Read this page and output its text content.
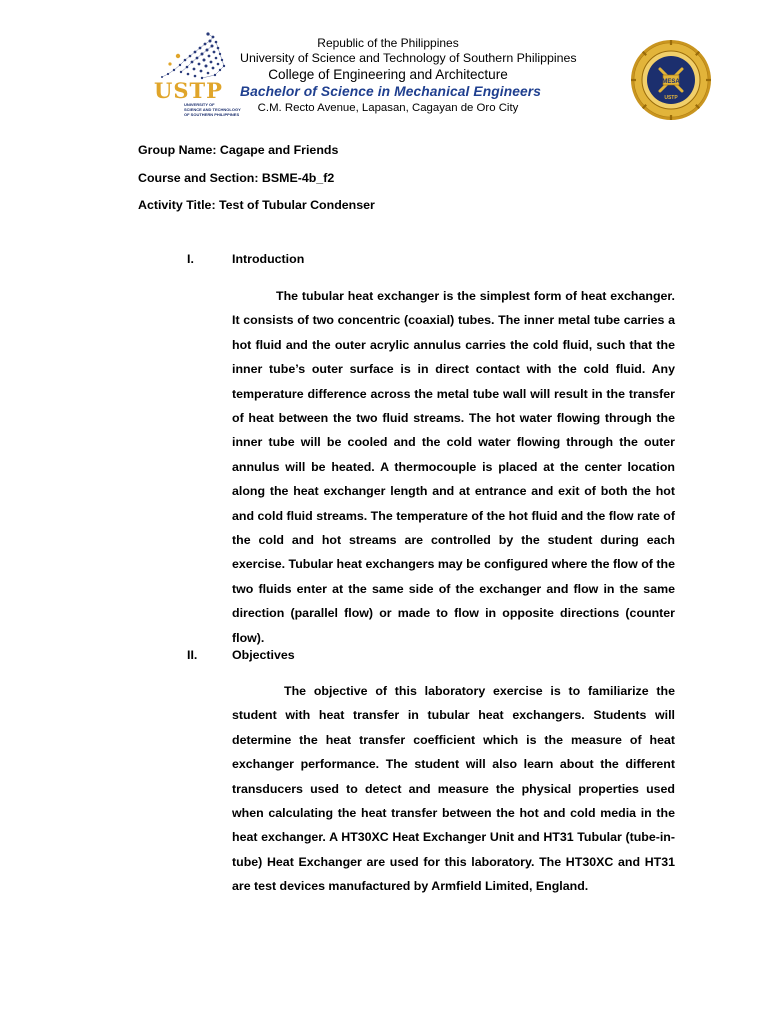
USTP
UNIVERSITY OF
SCIENCE AND TECHNOLOGY
OF SOUTHERN PHILIPPINES
Republic of the Philippines
University of Science and Technology of Southern Philippines
College of Engineering and Architecture
Bachelor of Science in Mechanical Engineers
C.M. Recto Avenue, Lapasan, Cagayan de Oro City
MESA
USTP
Group Name: Cagape and Friends
Course and Section: BSME-4b_f2
Activity Title: Test of Tubular Condenser
I.	Introduction

The tubular heat exchanger is the simplest form of heat exchanger. It consists of two concentric (coaxial) tubes. The inner metal tube carries a hot fluid and the outer acrylic annulus carries the cold fluid, such that the inner tube’s outer surface is in direct contact with the cold fluid. Any temperature difference across the metal tube wall will result in the transfer of heat between the two fluid streams. The hot water flowing through the inner tube will be cooled and the cold water flowing through the outer annulus will be heated. A thermocouple is placed at the center location along the heat exchanger length and at entrance and exit of both the hot and cold fluid streams. The temperature of the hot fluid and the flow rate of the cold and hot streams are controlled by the student during each exercise. Tubular heat exchangers may be configured where the flow of the two fluids enter at the same side of the exchanger and flow in the same direction (parallel flow) or made to flow in opposite directions (counter flow).

II.	Objectives

The objective of this laboratory exercise is to familiarize the student with heat transfer in tubular heat exchangers. Students will determine the heat transfer coefficient which is the measure of heat exchanger performance. The student will also learn about the different transducers used to detect and measure the physical properties used when calculating the heat transfer between the hot and cold media in the heat exchanger. A HT30XC Heat Exchanger Unit and HT31 Tubular (tube-in-tube) Heat Exchanger are used for this laboratory. The HT30XC and HT31 are test devices manufactured by Armfield Limited, England.
